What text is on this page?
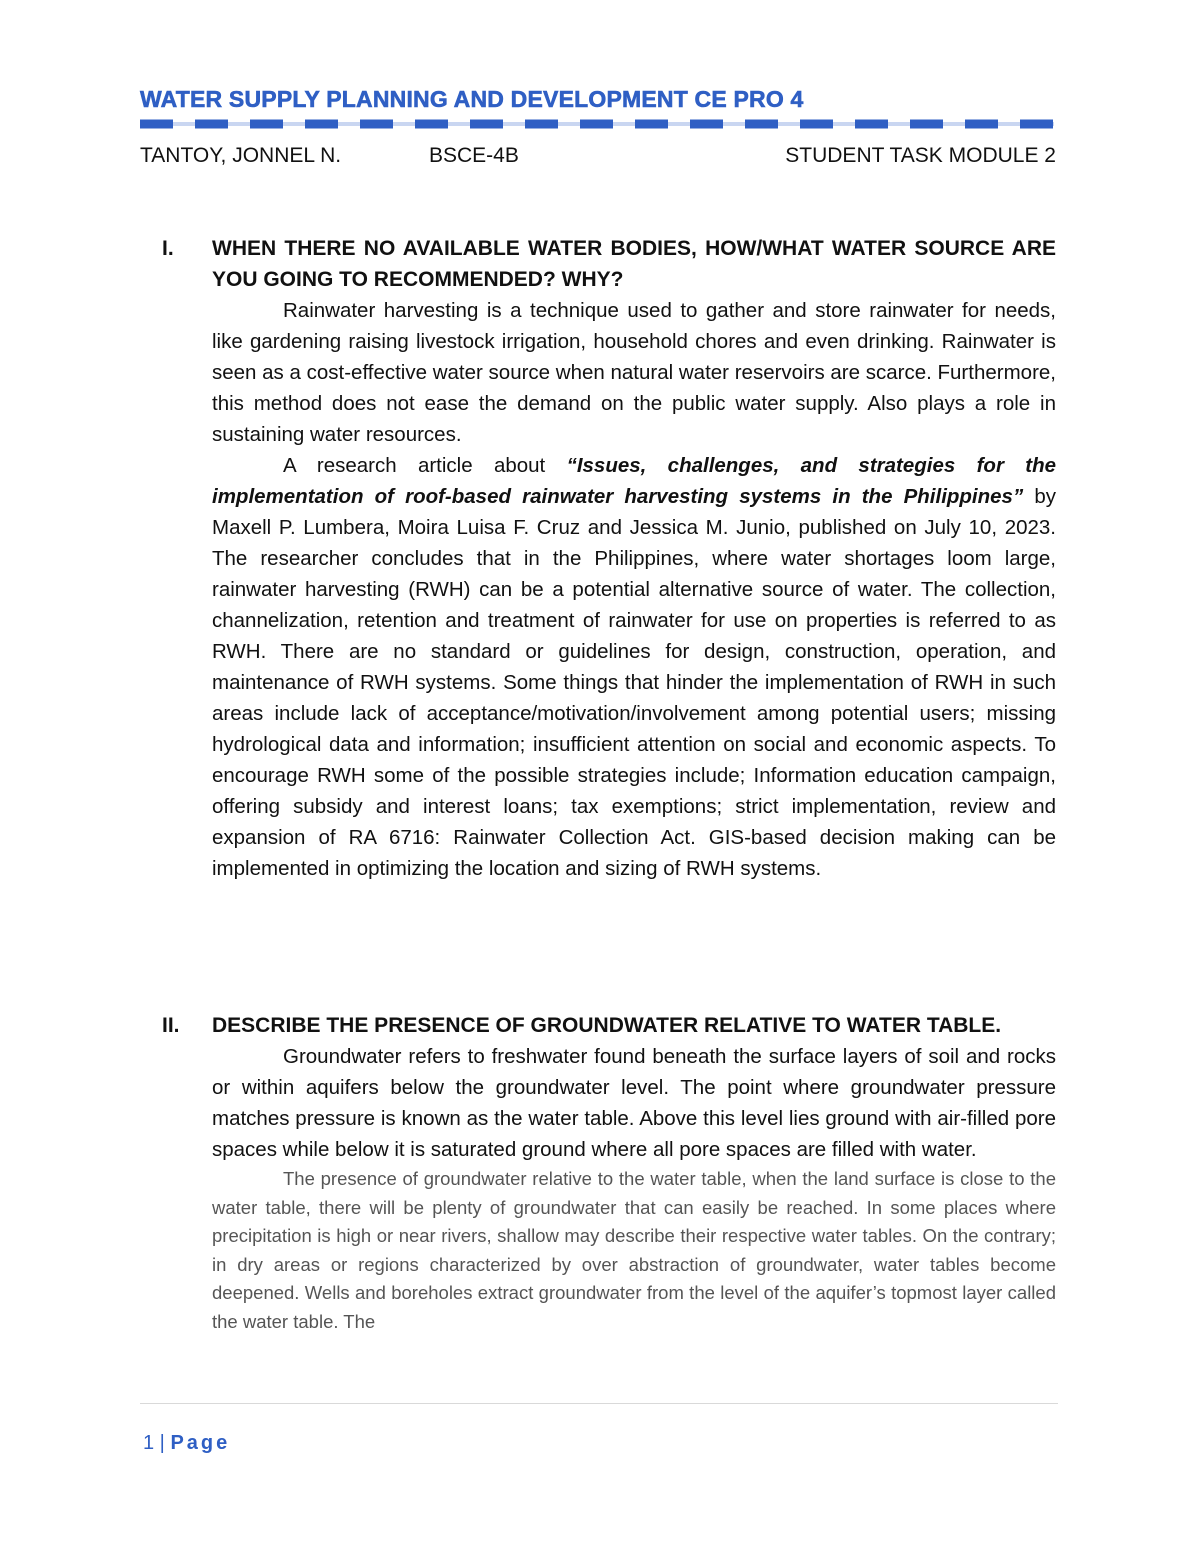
WATER SUPPLY PLANNING AND DEVELOPMENT CE PRO 4
TANTOY, JONNEL N.	BSCE-4B	STUDENT TASK MODULE 2
I. WHEN THERE NO AVAILABLE WATER BODIES, HOW/WHAT WATER SOURCE ARE YOU GOING TO RECOMMENDED? WHY?

Rainwater harvesting is a technique used to gather and store rainwater for needs, like gardening raising livestock irrigation, household chores and even drinking. Rainwater is seen as a cost-effective water source when natural water reservoirs are scarce. Furthermore, this method does not ease the demand on the public water supply. Also plays a role in sustaining water resources.

A research article about “Issues, challenges, and strategies for the implementation of roof-based rainwater harvesting systems in the Philippines” by Maxell P. Lumbera, Moira Luisa F. Cruz and Jessica M. Junio, published on July 10, 2023. The researcher concludes that in the Philippines, where water shortages loom large, rainwater harvesting (RWH) can be a potential alternative source of water. The collection, channelization, retention and treatment of rainwater for use on properties is referred to as RWH. There are no standard or guidelines for design, construction, operation, and maintenance of RWH systems. Some things that hinder the implementation of RWH in such areas include lack of acceptance/motivation/involvement among potential users; missing hydrological data and information; insufficient attention on social and economic aspects. To encourage RWH some of the possible strategies include; Information education campaign, offering subsidy and interest loans; tax exemptions; strict implementation, review and expansion of RA 6716: Rainwater Collection Act. GIS-based decision making can be implemented in optimizing the location and sizing of RWH systems.

II. DESCRIBE THE PRESENCE OF GROUNDWATER RELATIVE TO WATER TABLE.

Groundwater refers to freshwater found beneath the surface layers of soil and rocks or within aquifers below the groundwater level. The point where groundwater pressure matches pressure is known as the water table. Above this level lies ground with air-filled pore spaces while below it is saturated ground where all pore spaces are filled with water.

The presence of groundwater relative to the water table, when the land surface is close to the water table, there will be plenty of groundwater that can easily be reached. In some places where precipitation is high or near rivers, shallow may describe their respective water tables. On the contrary; in dry areas or regions characterized by over abstraction of groundwater, water tables become deepened. Wells and boreholes extract groundwater from the level of the aquifer’s topmost layer called the water table. The

1 | Page
